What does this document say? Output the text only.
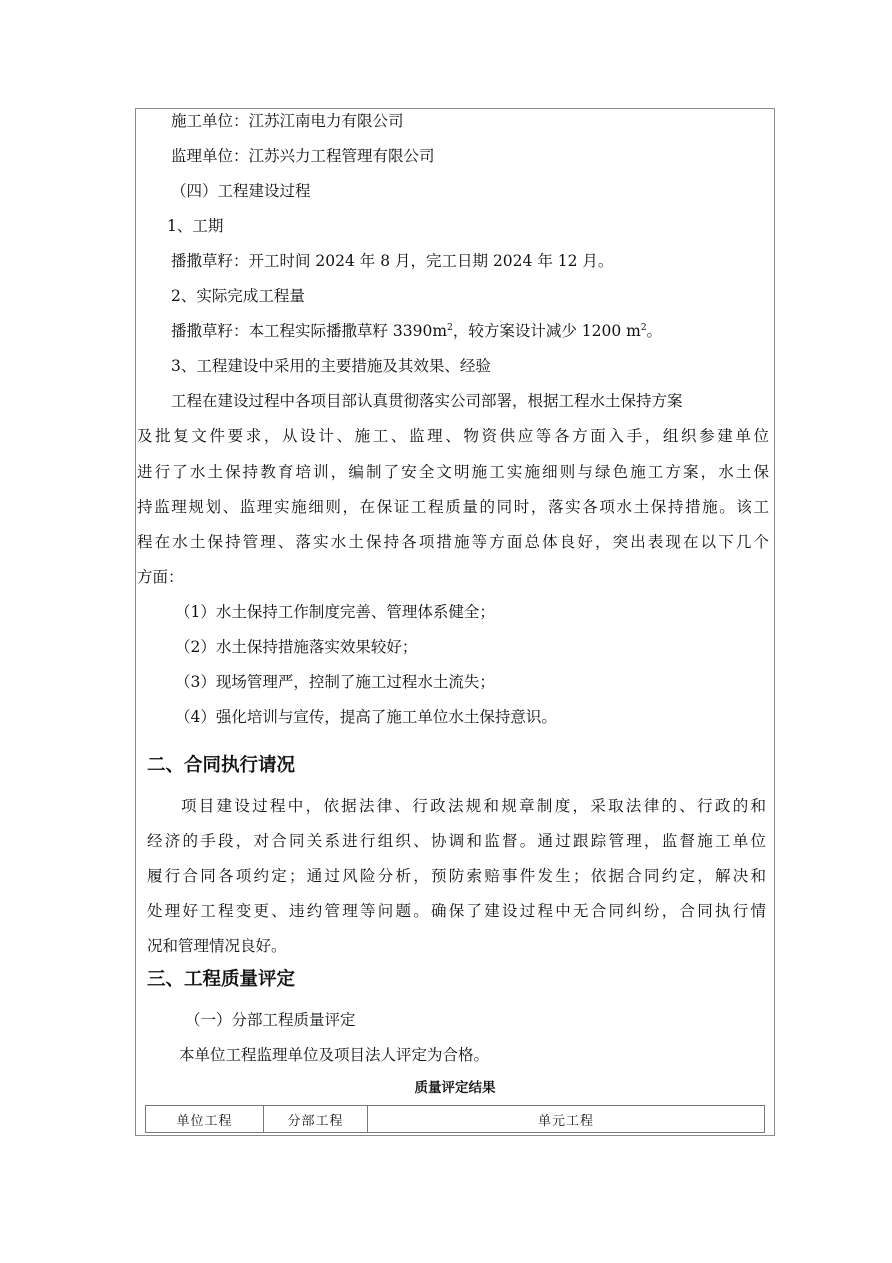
施工单位：江苏江南电力有限公司

监理单位：江苏兴力工程管理有限公司

（四）工程建设过程

1、工期

播撒草籽：开工时间 2024 年 8 月，完工日期 2024 年 12 月。

2、实际完成工程量

播撒草籽：本工程实际播撒草籽 $3390m^2$，较方案设计减少 1200 $m^2$。

3、工程建设中采用的主要措施及其效果、经验

工程在建设过程中各项目部认真贯彻落实公司部署，根据工程水土保持方案

及批复文件要求，从设计、施工、监理、物资供应等各方面入手，组织参建单位

进行了水土保持教育培训，编制了安全文明施工实施细则与绿色施工方案，水土保

持监理规划、监理实施细则，在保证工程质量的同时，落实各项水土保持措施。该工

程在水土保持管理、落实水土保持各项措施等方面总体良好，突出表现在以下几个

方面：

（1）水土保持工作制度完善、管理体系健全；

（2）水土保持措施落实效果较好；

（3）现场管理严，控制了施工过程水土流失；

（4）强化培训与宣传，提高了施工单位水土保持意识。

二、合同执行请况

项目建设过程中，依据法律、行政法规和规章制度，采取法律的、行政的和

经济的手段，对合同关系进行组织、协调和监督。通过跟踪管理，监督施工单位

履行合同各项约定；通过风险分析，预防索赔事件发生；依据合同约定，解决和

处理好工程变更、违约管理等问题。确保了建设过程中无合同纠纷，合同执行情

况和管理情况良好。

三、工程质量评定

（一）分部工程质量评定

本单位工程监理单位及项目法人评定为合格。

质量评定结果

单位工程	分部工程	单元工程
